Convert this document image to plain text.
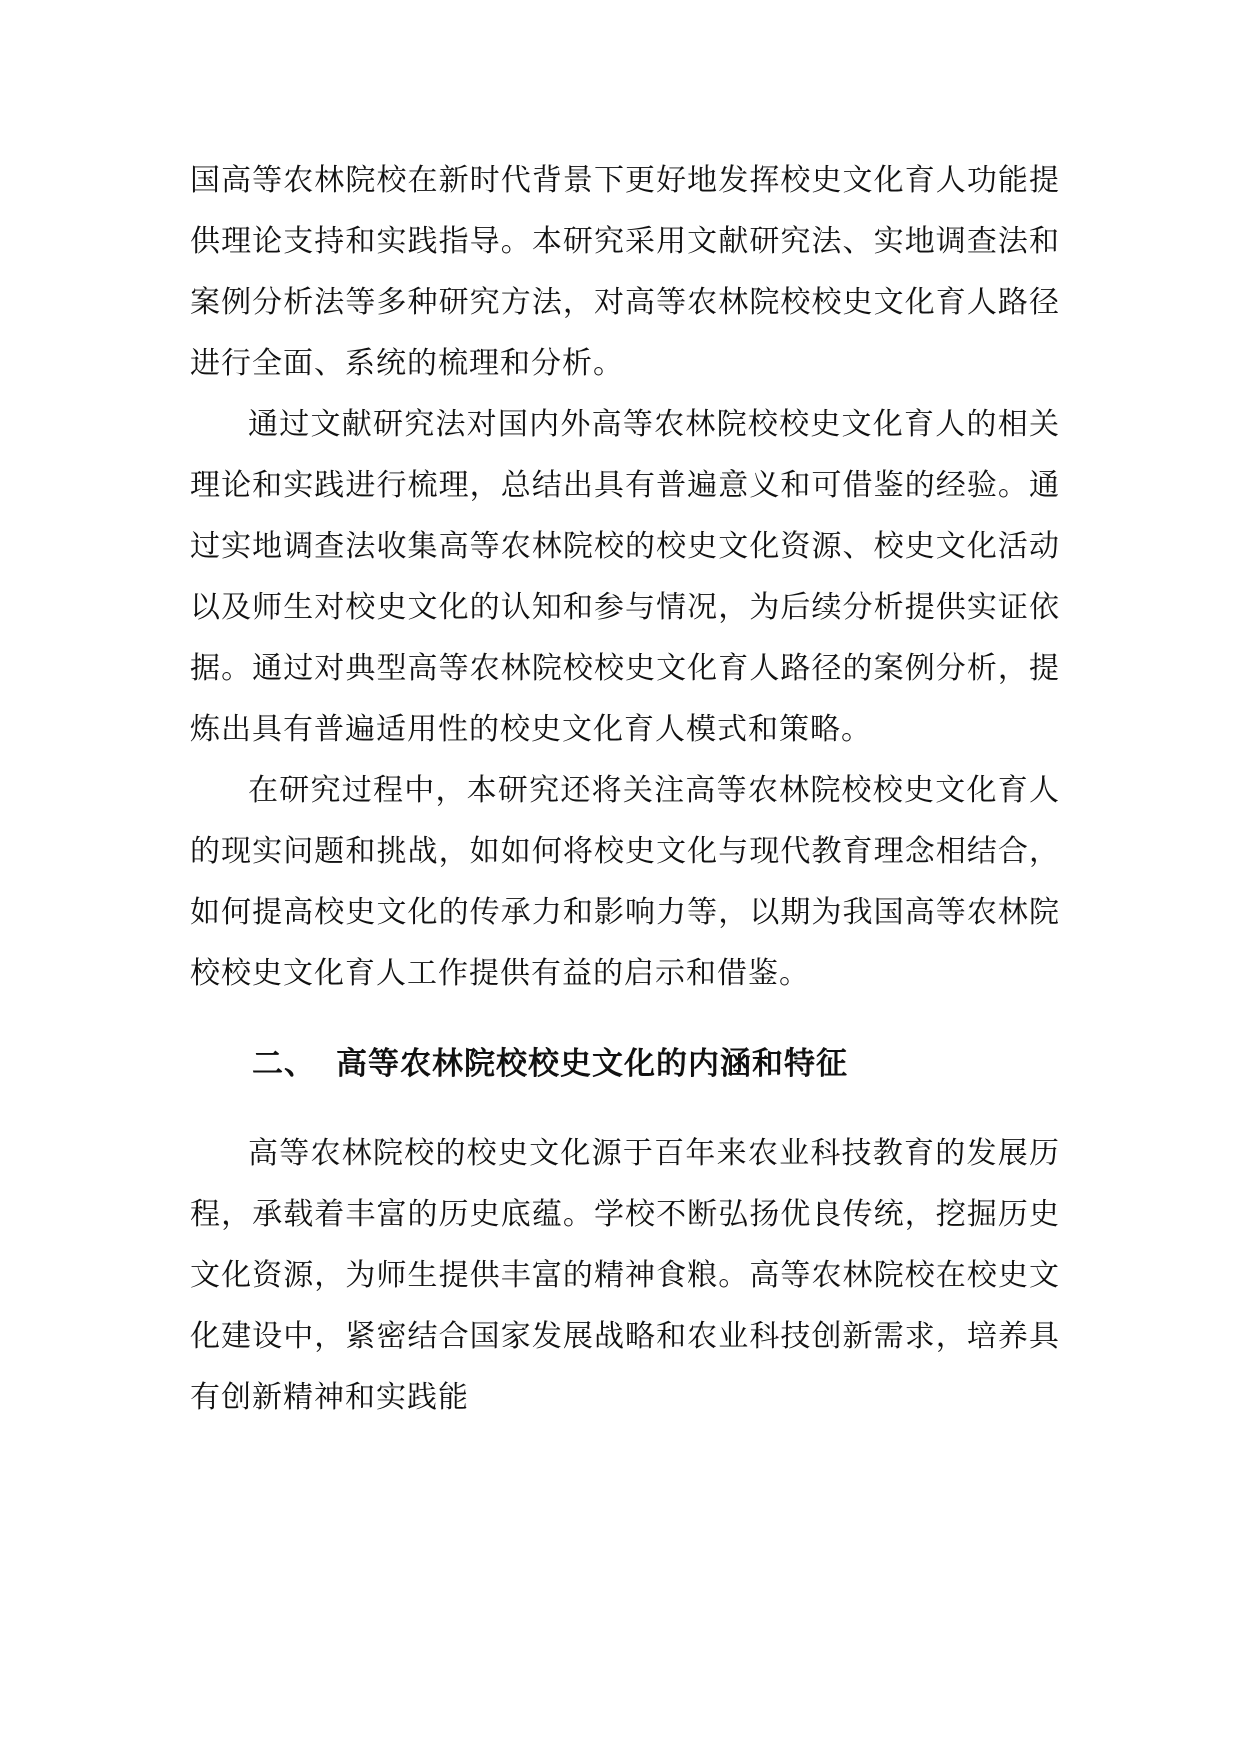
国高等农林院校在新时代背景下更好地发挥校史文化育人功能提供理论支持和实践指导。本研究采用文献研究法、实地调查法和案例分析法等多种研究方法，对高等农林院校校史文化育人路径进行全面、系统的梳理和分析。

通过文献研究法对国内外高等农林院校校史文化育人的相关理论和实践进行梳理，总结出具有普遍意义和可借鉴的经验。通过实地调查法收集高等农林院校的校史文化资源、校史文化活动以及师生对校史文化的认知和参与情况，为后续分析提供实证依据。通过对典型高等农林院校校史文化育人路径的案例分析，提炼出具有普遍适用性的校史文化育人模式和策略。

在研究过程中，本研究还将关注高等农林院校校史文化育人的现实问题和挑战，如如何将校史文化与现代教育理念相结合，如何提高校史文化的传承力和影响力等，以期为我国高等农林院校校史文化育人工作提供有益的启示和借鉴。

二、 高等农林院校校史文化的内涵和特征

高等农林院校的校史文化源于百年来农业科技教育的发展历程，承载着丰富的历史底蕴。学校不断弘扬优良传统，挖掘历史文化资源，为师生提供丰富的精神食粮。高等农林院校在校史文化建设中，紧密结合国家发展战略和农业科技创新需求，培养具有创新精神和实践能
